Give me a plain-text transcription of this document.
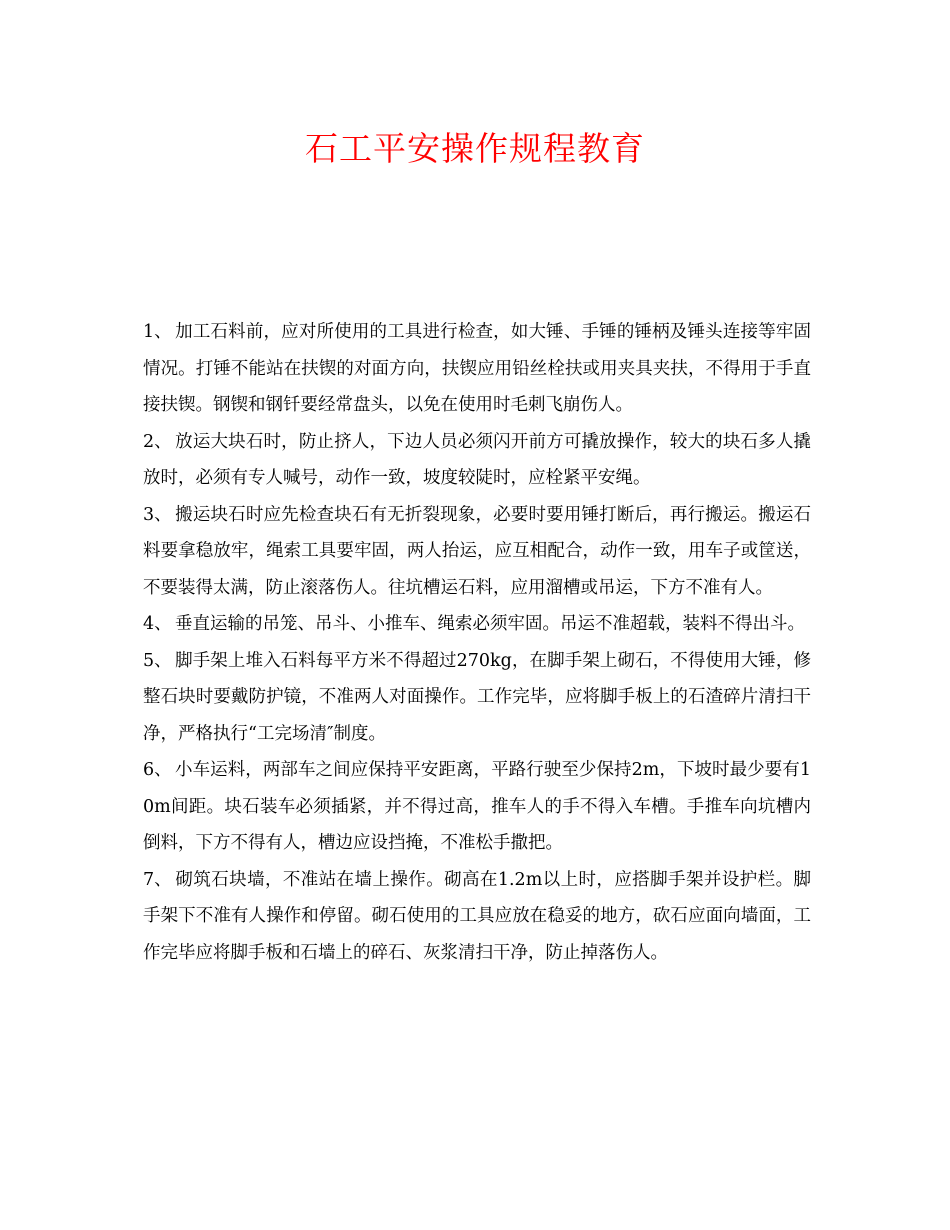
石工平安操作规程教育

1、 加工石料前，应对所使用的工具进行检查，如大锤、手锤的锤柄及锤头连接等牢固情况。打锤不能站在扶锲的对面方向，扶锲应用铅丝栓扶或用夹具夹扶，不得用于手直接扶锲。钢锲和钢钎要经常盘头，以免在使用时毛刺飞崩伤人。

2、 放运大块石时，防止挤人，下边人员必须闪开前方可撬放操作，较大的块石多人撬放时，必须有专人喊号，动作一致，坡度较陡时，应栓紧平安绳。

3、 搬运块石时应先检查块石有无折裂现象，必要时要用锤打断后，再行搬运。搬运石料要拿稳放牢，绳索工具要牢固，两人抬运，应互相配合，动作一致，用车子或筐送，不要装得太满，防止滚落伤人。往坑槽运石料，应用溜槽或吊运，下方不准有人。

4、 垂直运输的吊笼、吊斗、小推车、绳索必须牢固。吊运不准超载，装料不得出斗。

5、 脚手架上堆入石料每平方米不得超过270kg，在脚手架上砌石，不得使用大锤，修整石块时要戴防护镜，不准两人对面操作。工作完毕，应将脚手板上的石渣碎片清扫干净，严格执行“工完场清″制度。

6、 小车运料，两部车之间应保持平安距离，平路行驶至少保持2m，下坡时最少要有10m间距。块石装车必须插紧，并不得过高，推车人的手不得入车槽。手推车向坑槽内倒料，下方不得有人，槽边应设挡掩，不准松手撒把。

7、 砌筑石块墙，不准站在墙上操作。砌高在1.2m以上时，应搭脚手架并设护栏。脚手架下不准有人操作和停留。砌石使用的工具应放在稳妥的地方，砍石应面向墙面，工作完毕应将脚手板和石墙上的碎石、灰浆清扫干净，防止掉落伤人。
